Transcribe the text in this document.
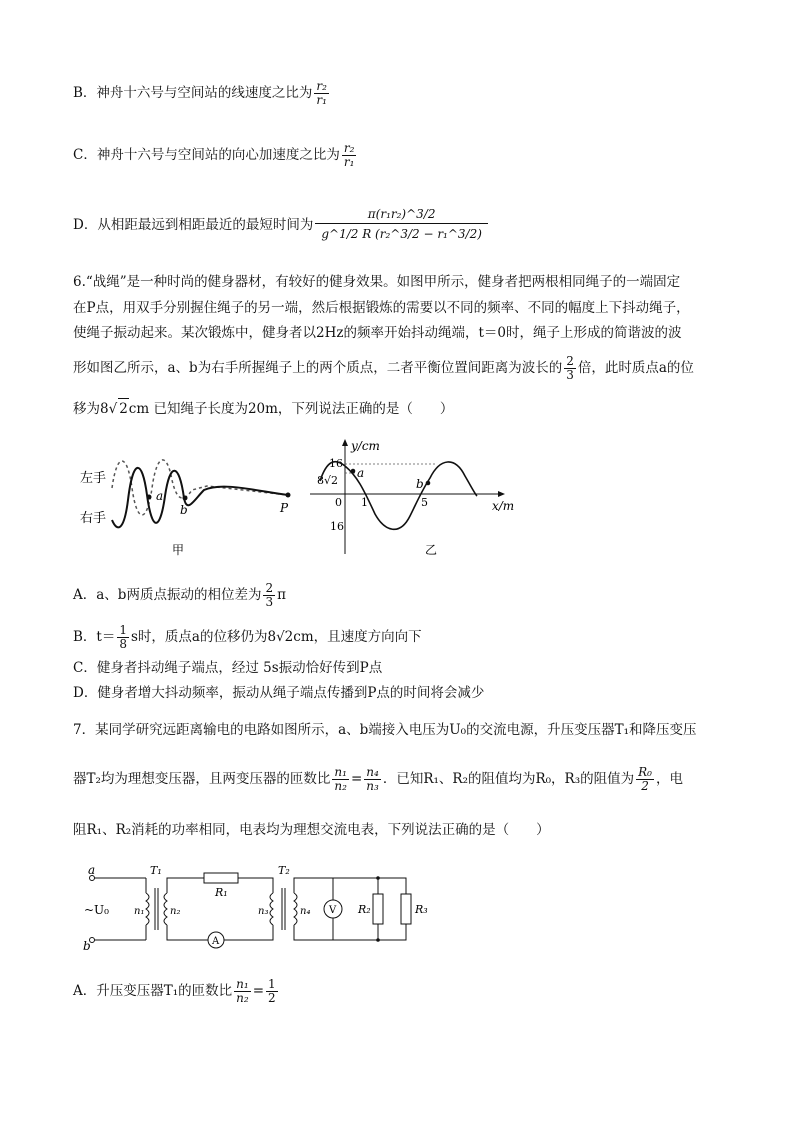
B．神舟十六号与空间站的线速度之比为 $\frac{\text{r₂}}{\text{r₁}}$
C．神舟十六号与空间站的向心加速度之比为 $\frac{\text{r₂}}{\text{r₁}}$
D．从相距最远到相距最近的最短时间为 $\frac{\text{π(r₁r₂)\textasciicircum{}3/2}}{\text{g\textasciicircum{}1/2 R (r₂\textasciicircum{}3/2 − r₁\textasciicircum{}3/2)}}$
6.“战绳”是一种时尚的健身器材，有较好的健身效果。如图甲所示，健身者把两根相同绳子的一端固定
在P点，用双手分别握住绳子的另一端，然后根据锻炼的需要以不同的频率、不同的幅度上下抖动绳子，
使绳子振动起来。某次锻炼中，健身者以2Hz的频率开始抖动绳端，t＝0时，绳子上形成的简谐波的波
形如图乙所示，a、b为右手所握绳子上的两个质点，二者平衡位置间距离为波长的 $\frac{2}{3}$ 倍，此时质点a的位
移为8√ 2cm 已知绳子长度为20m，下列说法正确的是（　　）
左手
右手
a
b	P
甲
y/cm
x/m
16
8√2
0
16
1	5
a
b
乙
A．a、b两质点振动的相位差为 $\frac{2}{3}$ π
B．$t= \frac{1}{8}$ s时，质点a的位移仍为8√2cm，且速度方向向下
C．健身者抖动绳子端点，经过 5s振动恰好传到P点
D．健身者增大抖动频率，振动从绳子端点传播到P点的时间将会减少
7．某同学研究远距离输电的电路如图所示，a、b端接入电压为U₀的交流电源，升压变压器T₁和降压变压
器T₂均为理想变压器，且两变压器的匝数比 $\frac{\text{n₁}}{\text{n₂}} = \frac{\text{n₄}}{\text{n₃}}$ ．已知R₁、R₂的阻值均为R₀，R₃的阻值为 $\frac{\text{R₀}}{2}$ ，电
阻R₁、R₂消耗的功率相同，电表均为理想交流电表，下列说法正确的是（　　）
a
b
~U₀	n₁	n₂
T₁
R₁
A
n₃	n₄
T₂
V R₂	R₃
A．升压变压器T₁的匝数比 $\frac{\text{n₁}}{\text{n₂}} = \frac{1}{2}$
